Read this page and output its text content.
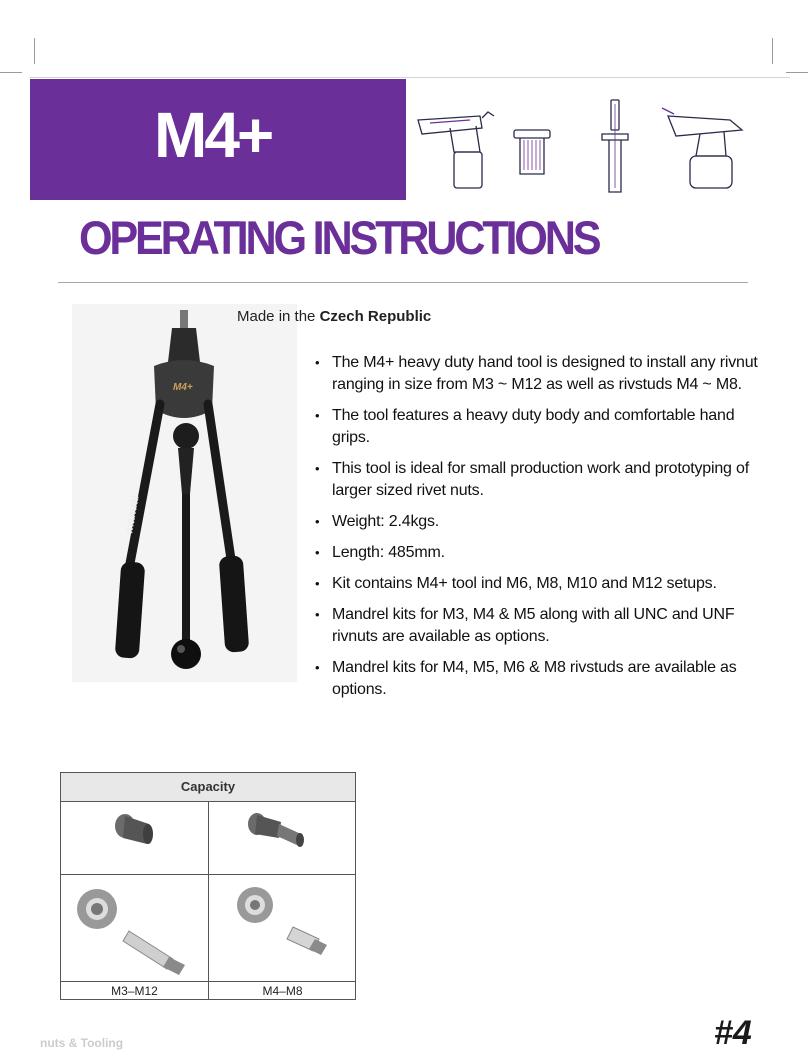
M4+
OPERATING INSTRUCTIONS
M4+
manual
Made in the Czech Republic
• The M4+ heavy duty hand tool is designed to install any rivnut ranging in size from M3 ~ M12 as well as rivstuds M4 ~ M8.
• The tool features a heavy duty body and comfortable hand grips.
• This tool is ideal for small production work and prototyping of larger sized rivet nuts.
• Weight: 2.4kgs.
• Length: 485mm.
• Kit contains M4+ tool ind M6, M8, M10 and M12 setups.
• Mandrel kits for M3, M4 & M5 along with all UNC and UNF rivnuts are available as options.
• Mandrel kits for M4, M5, M6 & M8 rivstuds are available as options.
Capacity
M3–M12	M4–M8
nuts & Tooling	#4
